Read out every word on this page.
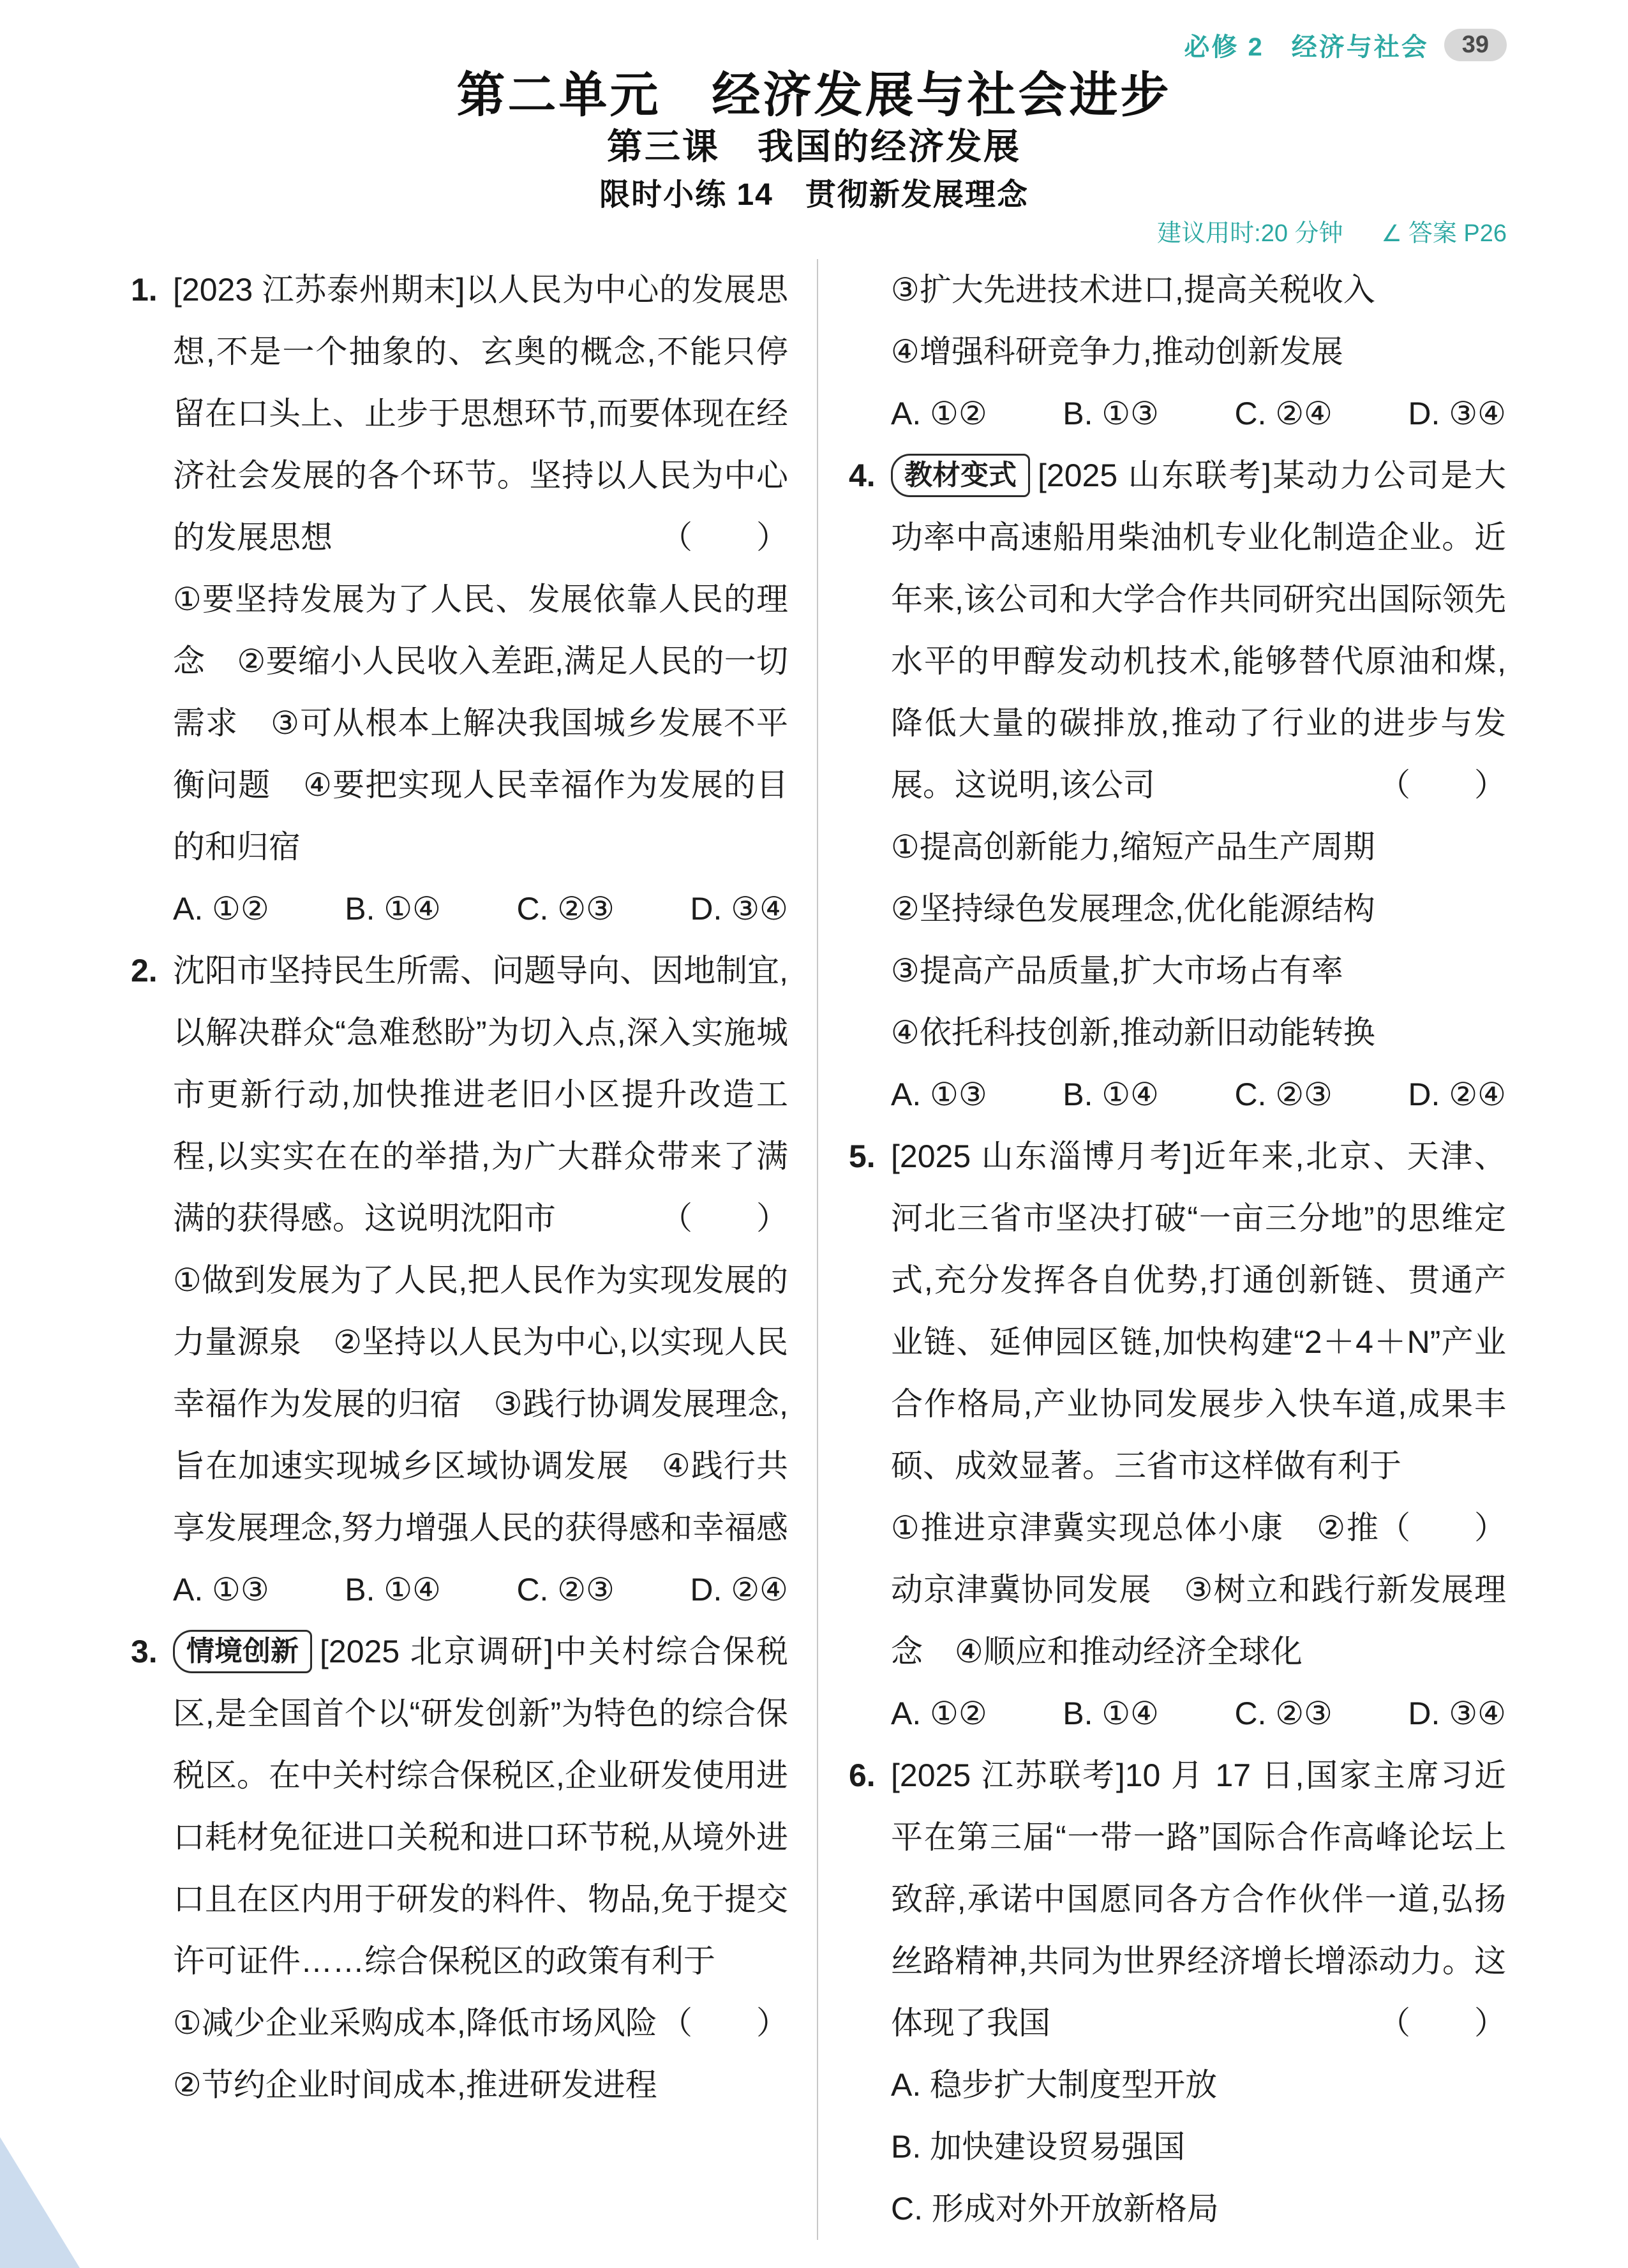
必修 2　经济与社会	39
第二单元　经济发展与社会进步
第三课　我国的经济发展
限时小练 14　贯彻新发展理念
建议用时:20 分钟 ∠ 答案 P26
1. [2023 江苏泰州期末]以人民为中心的发展思想,不是一个抽象的、玄奥的概念,不能只停留在口头上、止步于思想环节,而要体现在经济社会发展的各个环节。坚持以人民为中心的发展思想	（　　）

①要坚持发展为了人民、发展依靠人民的理念　②要缩小人民收入差距,满足人民的一切需求　③可从根本上解决我国城乡发展不平衡问题　④要把实现人民幸福作为发展的目的和归宿

A. ①② B. ①④ C. ②③ D. ③④
2. 沈阳市坚持民生所需、问题导向、因地制宜,以解决群众“急难愁盼”为切入点,深入实施城市更新行动,加快推进老旧小区提升改造工程,以实实在在的举措,为广大群众带来了满满的获得感。这说明沈阳市	（　　）

①做到发展为了人民,把人民作为实现发展的力量源泉　②坚持以人民为中心,以实现人民幸福作为发展的归宿　③践行协调发展理念,旨在加速实现城乡区域协调发展　④践行共享发展理念,努力增强人民的获得感和幸福感

A. ①③ B. ①④ C. ②③ D. ②④
3.	情境创新 [2025 北京调研]中关村综合保税区,是全国首个以“研发创新”为特色的综合保税区。在中关村综合保税区,企业研发使用进口耗材免征进口关税和进口环节税,从境外进口且在区内用于研发的料件、物品,免于提交许可证件……综合保税区的政策有利于
（　　）

①减少企业采购成本,降低市场风险
②节约企业时间成本,推进研发进程
③扩大先进技术进口,提高关税收入
④增强科研竞争力,推动创新发展
A. ①② B. ①③ C. ②④ D. ③④
4.	教材变式 [2025 山东联考]某动力公司是大功率中高速船用柴油机专业化制造企业。近年来,该公司和大学合作共同研究出国际领先水平的甲醇发动机技术,能够替代原油和煤,降低大量的碳排放,推动了行业的进步与发展。这说明,该公司	（　　）

①提高创新能力,缩短产品生产周期
②坚持绿色发展理念,优化能源结构
③提高产品质量,扩大市场占有率
④依托科技创新,推动新旧动能转换
A. ①③ B. ①④ C. ②③ D. ②④
5. [2025 山东淄博月考]近年来,北京、天津、河北三省市坚决打破“一亩三分地”的思维定式,充分发挥各自优势,打通创新链、贯通产业链、延伸园区链,加快构建“2＋4＋N”产业合作格局,产业协同发展步入快车道,成果丰硕、成效显著。三省市这样做有利于
（　　）

①推进京津冀实现总体小康　②推动京津冀协同发展　③树立和践行新发展理念　④顺应和推动经济全球化

A. ①② B. ①④ C. ②③ D. ③④
6. [2025 江苏联考]10 月 17 日,国家主席习近平在第三届“一带一路”国际合作高峰论坛上致辞,承诺中国愿同各方合作伙伴一道,弘扬丝路精神,共同为世界经济增长增添动力。这体现了我国	（　　）

A. 稳步扩大制度型开放
B. 加快建设贸易强国
C. 形成对外开放新格局
